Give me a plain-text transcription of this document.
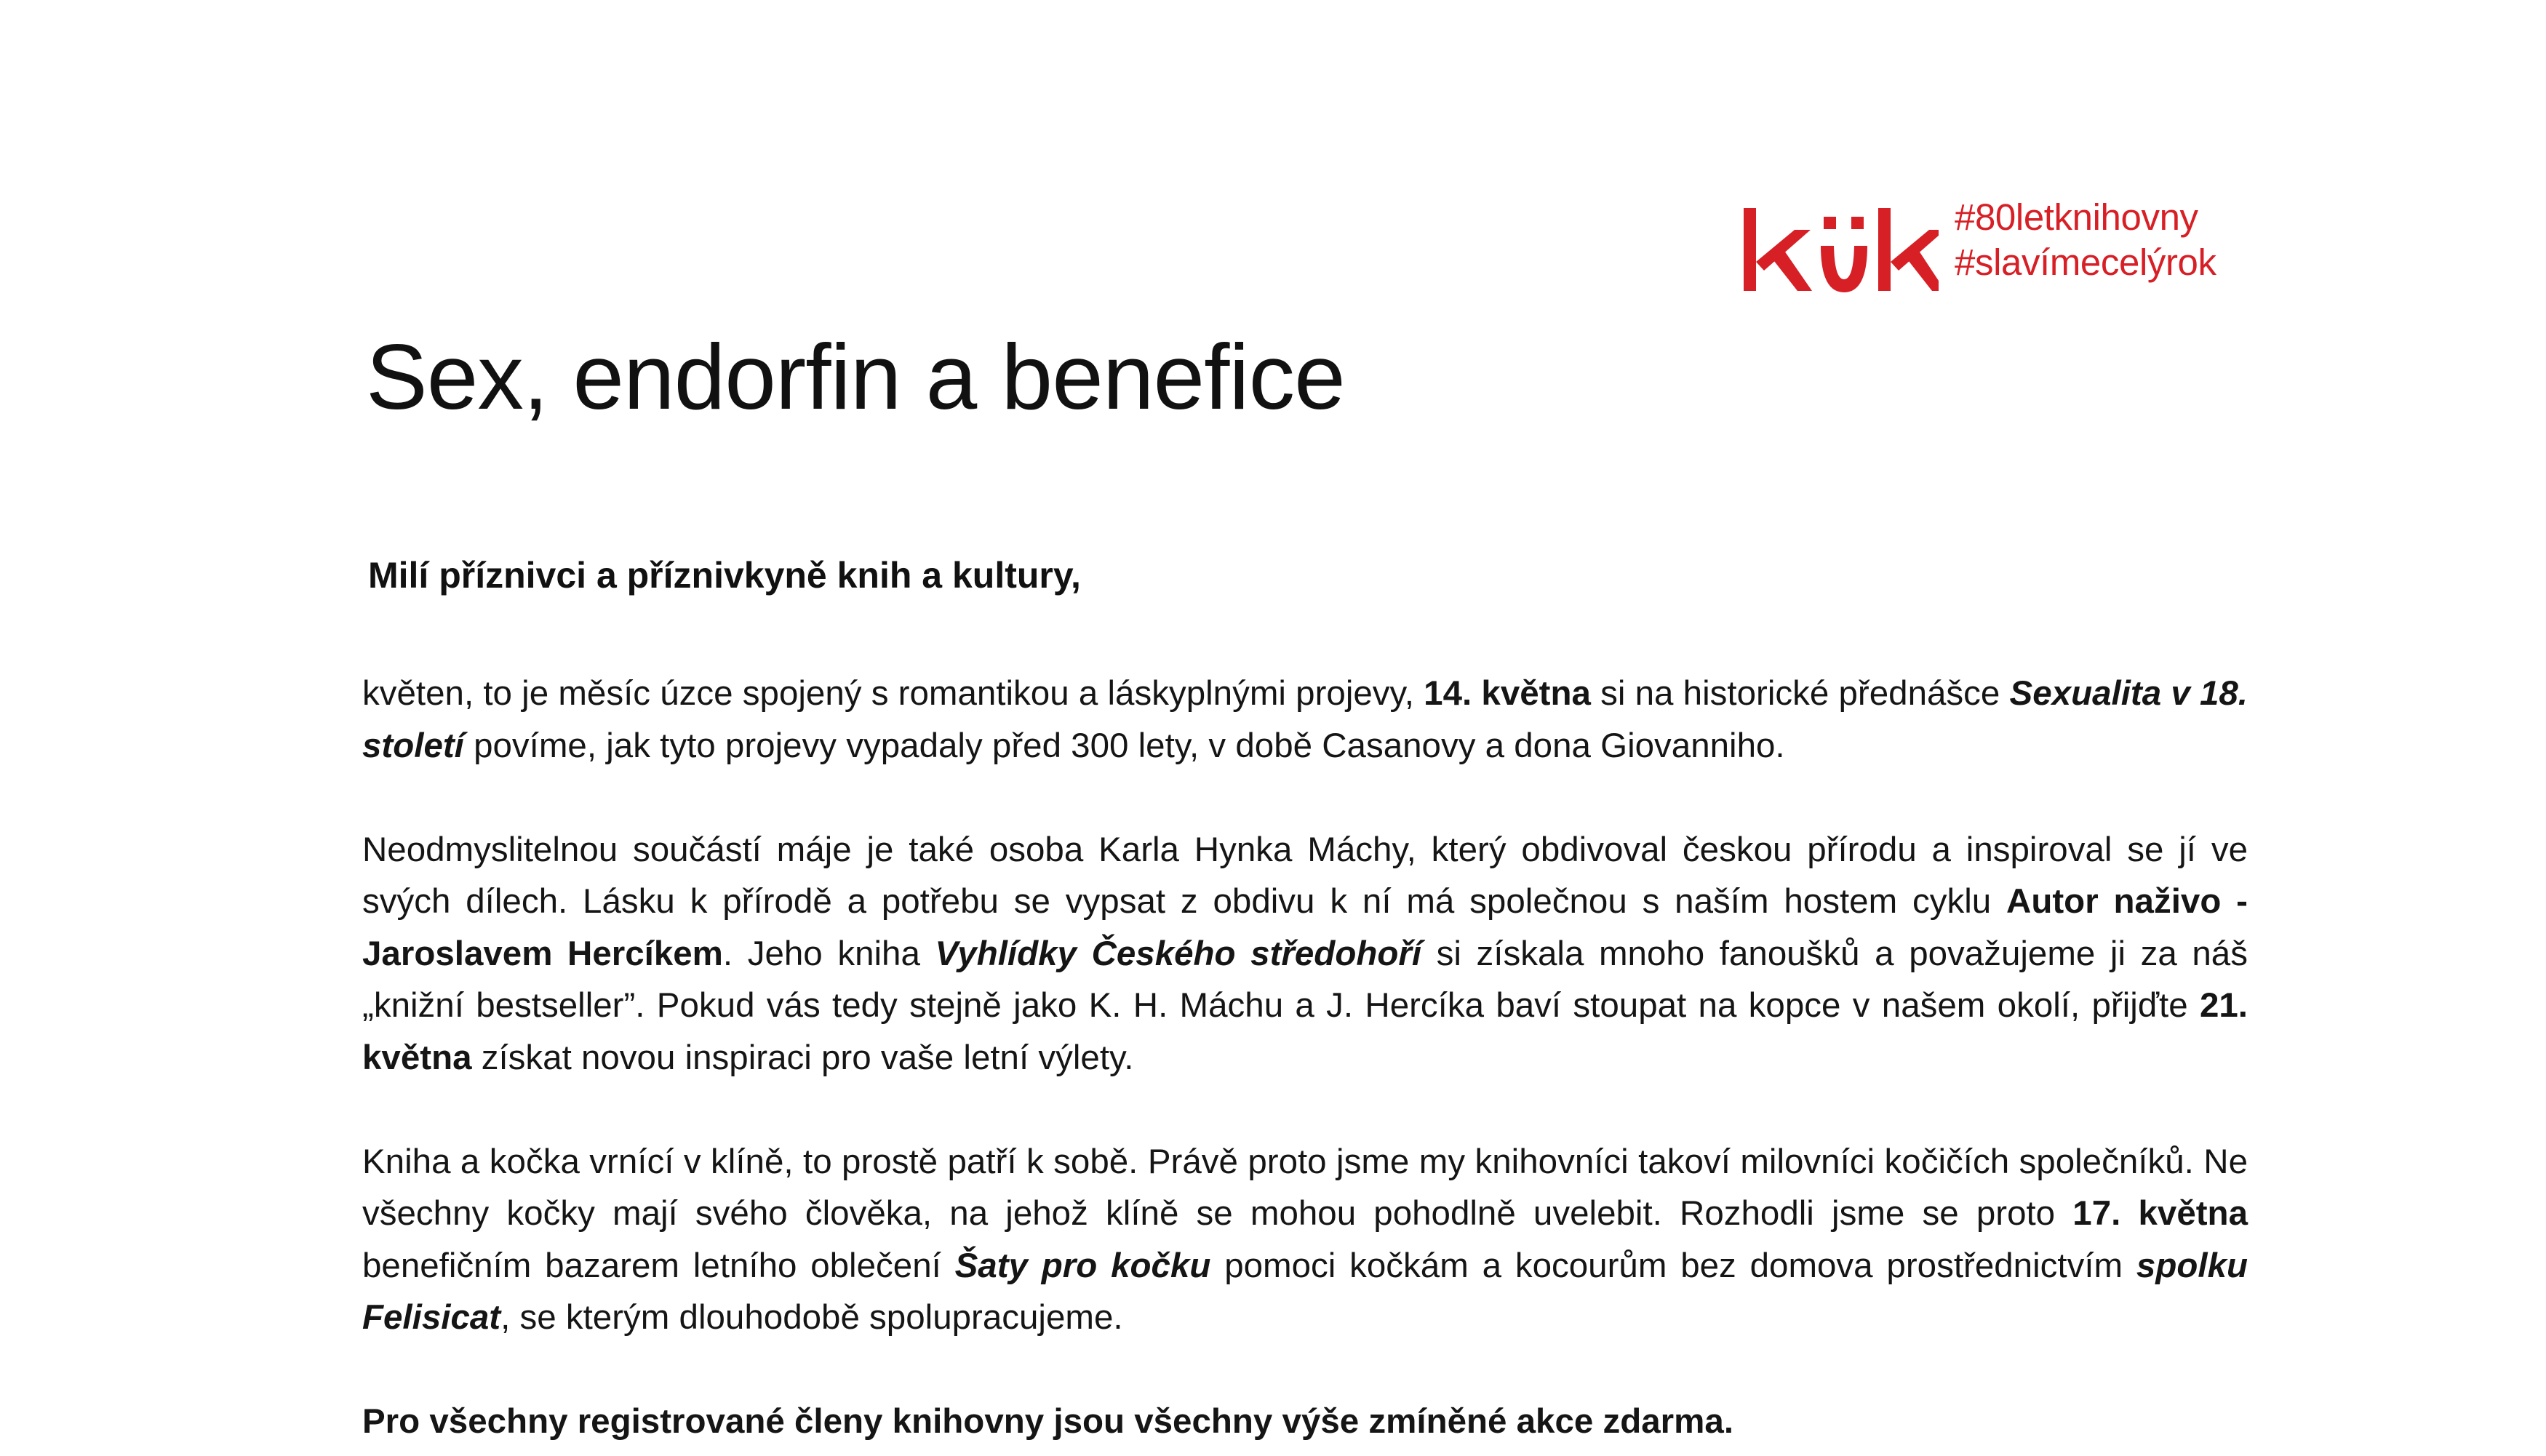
#80letknihovny
#slavímecelýrok
Sex, endorfin a benefice

Milí příznivci a příznivkyně knih a kultury,

květen, to je měsíc úzce spojený s romantikou a láskyplnými projevy, 14. května si na historické přednášce Sexualita v 18. století povíme, jak tyto projevy vypadaly před 300 lety, v době Casanovy a dona Giovanniho.

Neodmyslitelnou součástí máje je také osoba Karla Hynka Máchy, který obdivoval českou přírodu a inspiroval se jí ve svých dílech. Lásku k přírodě a potřebu se vypsat z obdivu k ní má společnou s naším hostem cyklu Autor naživo - Jaroslavem Hercíkem. Jeho kniha Vyhlídky Českého středohoří si získala mnoho fanoušků a považujeme ji za náš „knižní bestseller”. Pokud vás tedy stejně jako K. H. Máchu a J. Hercíka baví stoupat na kopce v našem okolí, přijďte 21. května získat novou inspiraci pro vaše letní výlety.

Kniha a kočka vrnící v klíně, to prostě patří k sobě. Právě proto jsme my knihovníci takoví milovníci kočičích společníků. Ne všechny kočky mají svého člověka, na jehož klíně se mohou pohodlně uvelebit. Rozhodli jsme se proto 17. května benefičním bazarem letního oblečení Šaty pro kočku pomoci kočkám a kocourům bez domova prostřednictvím spolku Felisicat, se kterým dlouhodobě spolupracujeme.

Pro všechny registrované členy knihovny jsou všechny výše zmíněné akce zdarma.
